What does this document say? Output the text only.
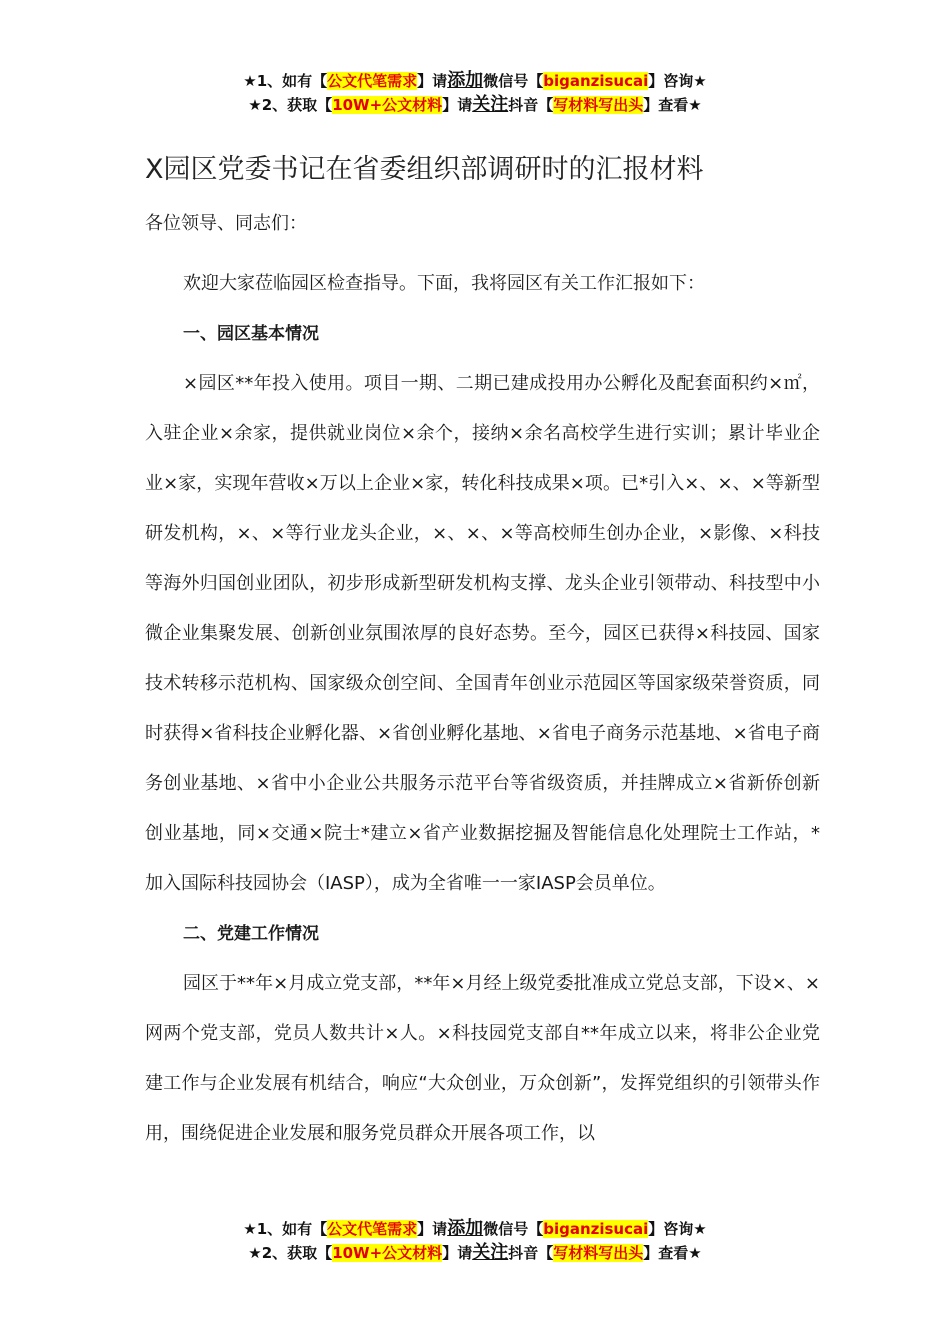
★1、如有【公文代笔需求】请添加微信号【biganzisucai】咨询★
★2、获取【10W+公文材料】请关注抖音【写材料写出头】查看★
X园区党委书记在省委组织部调研时的汇报材料

各位领导、同志们：

欢迎大家莅临园区检查指导。下面，我将园区有关工作汇报如下：

一、园区基本情况

×园区**年投入使用。项目一期、二期已建成投用办公孵化及配套面积约×㎡，入驻企业×余家，提供就业岗位×余个，接纳×余名高校学生进行实训；累计毕业企业×家，实现年营收×万以上企业×家，转化科技成果×项。已*引入×、×、×等新型研发机构，×、×等行业龙头企业，×、×、×等高校师生创办企业，×影像、×科技等海外归国创业团队，初步形成新型研发机构支撑、龙头企业引领带动、科技型中小微企业集聚发展、创新创业氛围浓厚的良好态势。至今，园区已获得×科技园、国家技术转移示范机构、国家级众创空间、全国青年创业示范园区等国家级荣誉资质，同时获得×省科技企业孵化器、×省创业孵化基地、×省电子商务示范基地、×省电子商务创业基地、×省中小企业公共服务示范平台等省级资质，并挂牌成立×省新侨创新创业基地，同×交通×院士*建立×省产业数据挖掘及智能信息化处理院士工作站，*加入国际科技园协会（IASP），成为全省唯一一家IASP会员单位。

二、党建工作情况

园区于**年×月成立党支部，**年×月经上级党委批准成立党总支部，下设×、×网两个党支部，党员人数共计×人。×科技园党支部自**年成立以来，将非公企业党建工作与企业发展有机结合，响应“大众创业，万众创新”，发挥党组织的引领带头作用，围绕促进企业发展和服务党员群众开展各项工作，以

★1、如有【公文代笔需求】请添加微信号【biganzisucai】咨询★
★2、获取【10W+公文材料】请关注抖音【写材料写出头】查看★
